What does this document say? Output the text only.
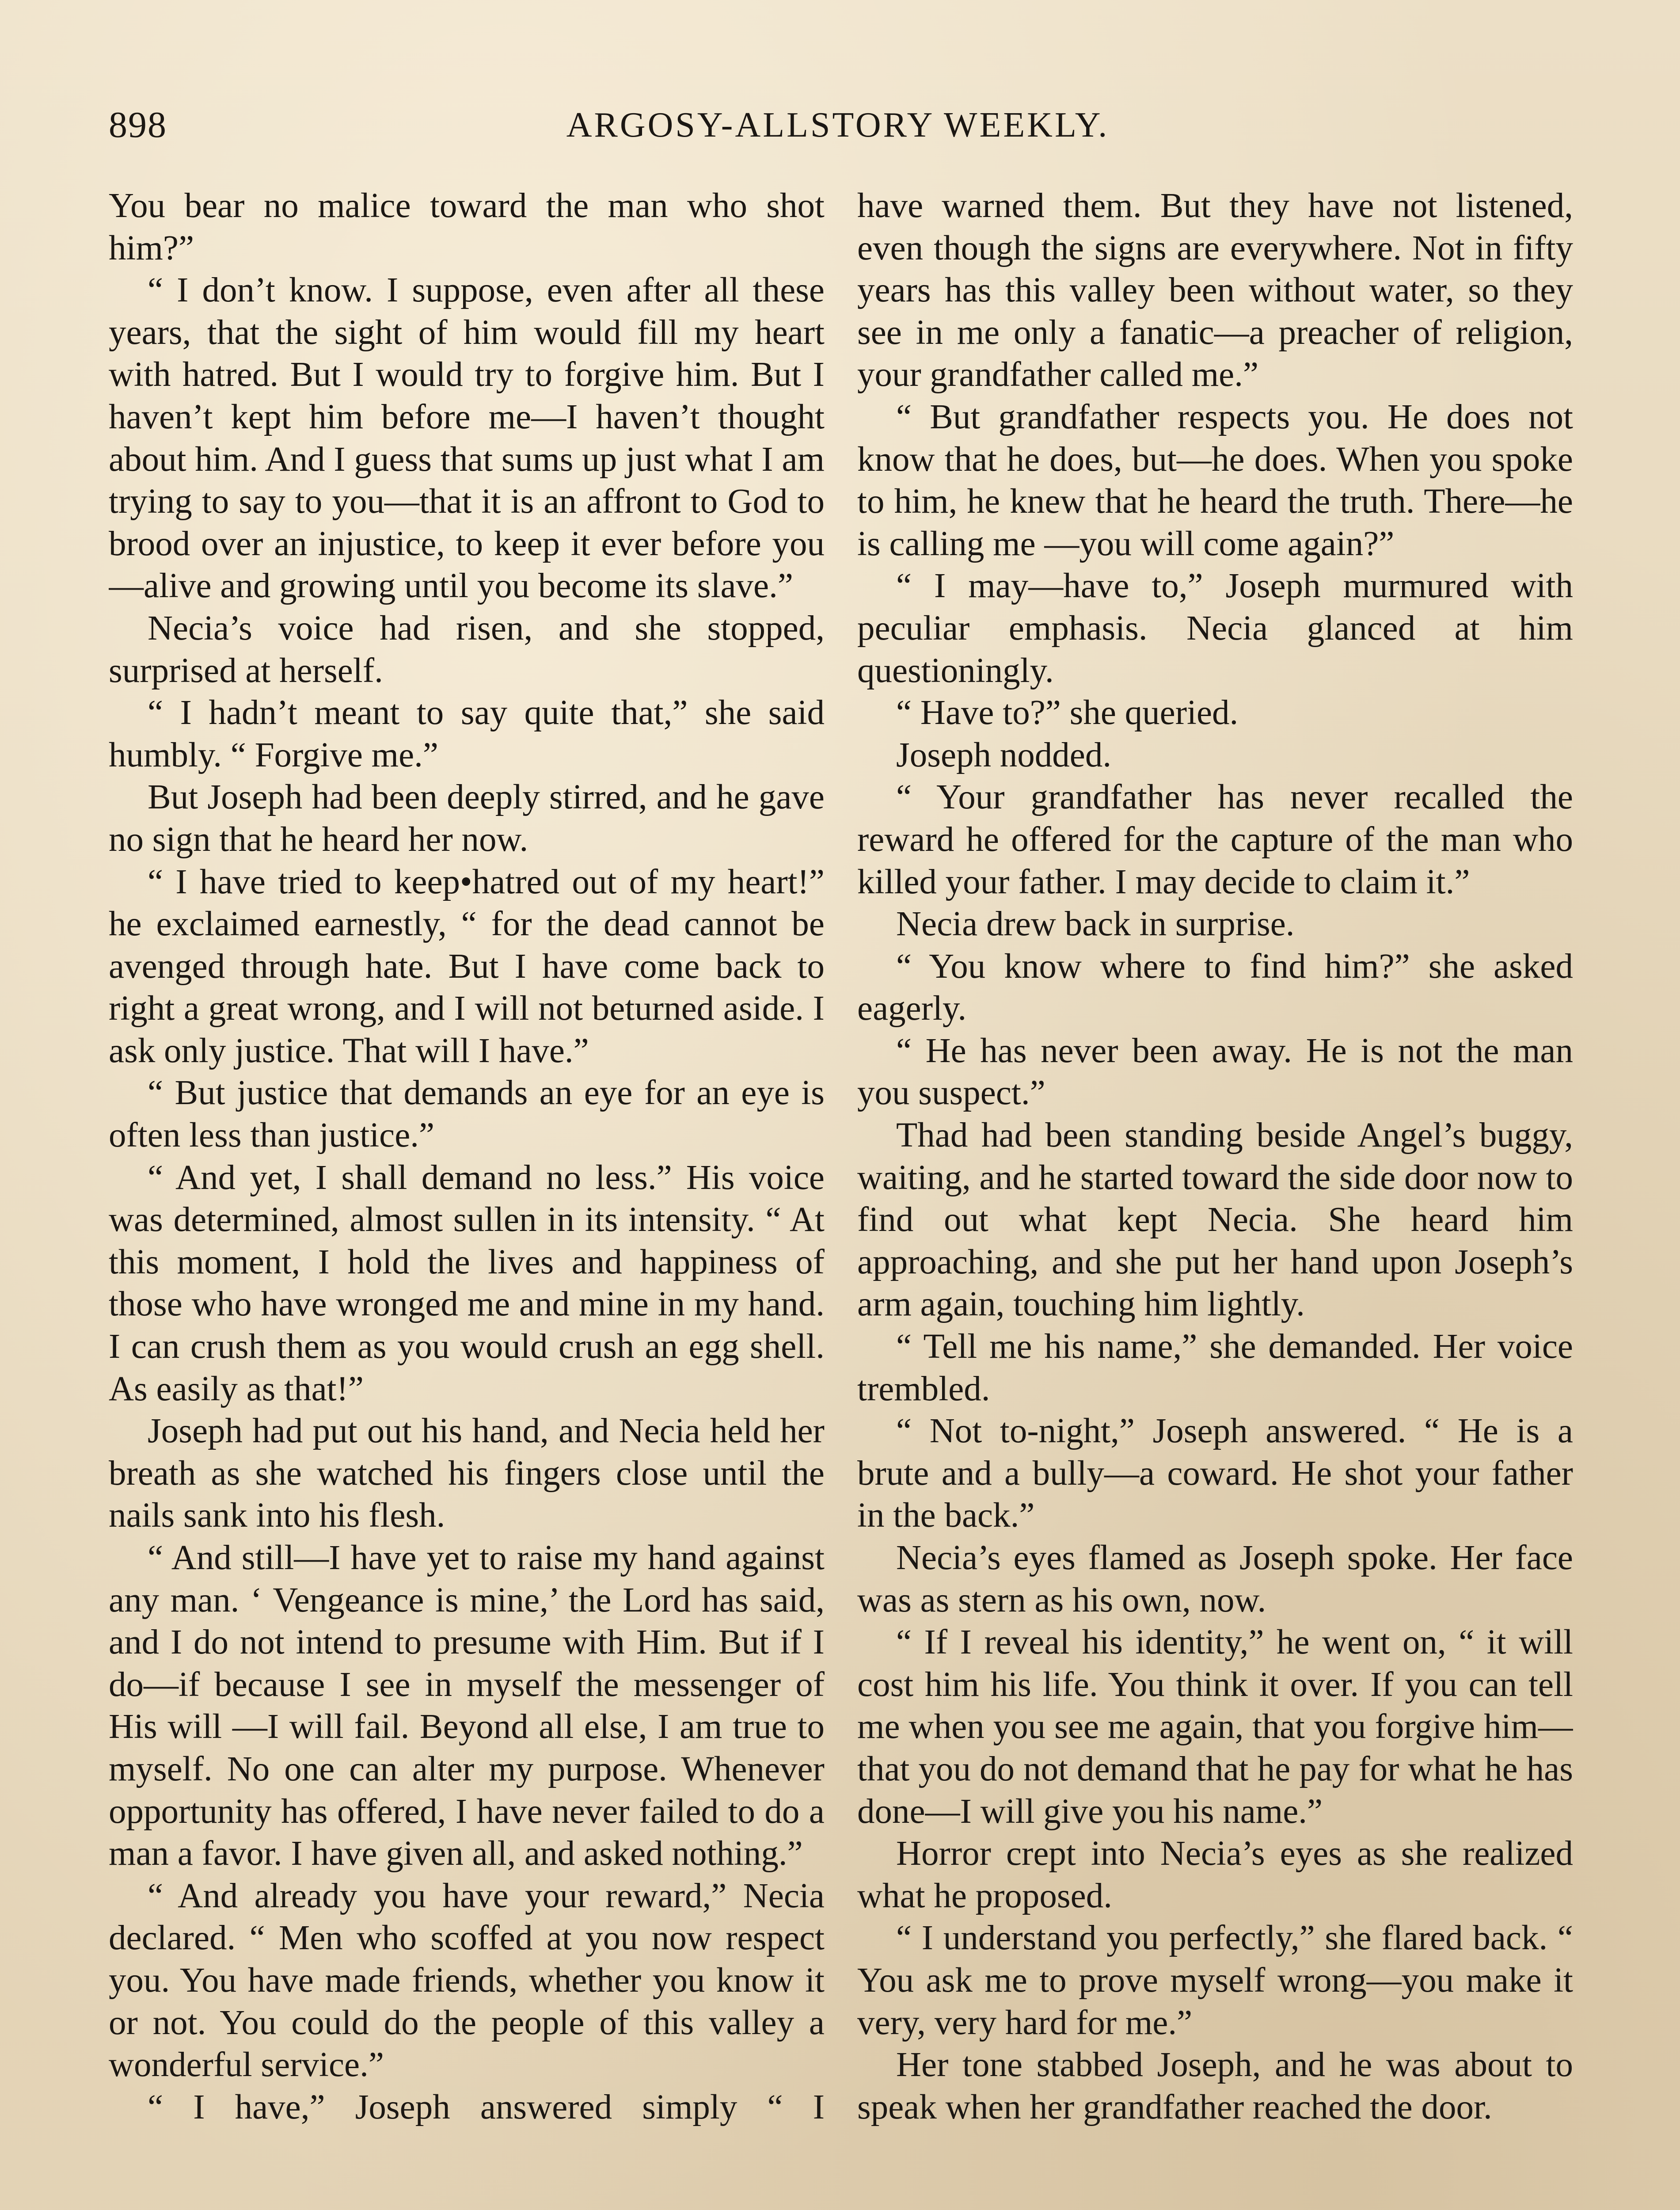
898	ARGOSY-ALLSTORY WEEKLY.

You bear no malice toward the man who shot him?”

“ I don’t know. I suppose, even after all these years, that the sight of him would fill my heart with hatred. But I would try to forgive him. But I haven’t kept him before me—I haven’t thought about him. And I guess that sums up just what I am trying to say to you—that it is an affront to God to brood over an injustice, to keep it ever before you—alive and growing until you become its slave.”

Necia’s voice had risen, and she stopped, surprised at herself.

“ I hadn’t meant to say quite that,” she said humbly. “ Forgive me.”

But Joseph had been deeply stirred, and he gave no sign that he heard her now.

“ I have tried to keep•hatred out of my heart!” he exclaimed earnestly, “ for the dead cannot be avenged through hate. But I have come back to right a great wrong, and I will not beturned aside. I ask only justice. That will I have.”

“ But justice that demands an eye for an eye is often less than justice.”

“ And yet, I shall demand no less.” His voice was determined, almost sullen in its intensity. “ At this moment, I hold the lives and happiness of those who have wronged me and mine in my hand. I can crush them as you would crush an egg shell. As easily as that!”

Joseph had put out his hand, and Necia held her breath as she watched his fingers close until the nails sank into his flesh.

“ And still—I have yet to raise my hand against any man. ‘ Vengeance is mine,’ the Lord has said, and I do not intend to presume with Him. But if I do—if because I see in myself the messenger of His will —I will fail. Beyond all else, I am true to myself. No one can alter my purpose. Whenever opportunity has offered, I have never failed to do a man a favor. I have given all, and asked nothing.”

“ And already you have your reward,” Necia declared. “ Men who scoffed at you now respect you. You have made friends, whether you know it or not. You could do the people of this valley a wonderful service.”

“ I have,” Joseph answered simply “ I

have warned them. But they have not listened, even though the signs are everywhere. Not in fifty years has this valley been without water, so they see in me only a fanatic—a preacher of religion, your grandfather called me.”

“ But grandfather respects you. He does not know that he does, but—he does. When you spoke to him, he knew that he heard the truth. There—he is calling me —you will come again?”

“ I may—have to,” Joseph murmured with peculiar emphasis. Necia glanced at him questioningly.

“ Have to?” she queried.

Joseph nodded.

“ Your grandfather has never recalled the reward he offered for the capture of the man who killed your father. I may decide to claim it.”

Necia drew back in surprise.

“ You know where to find him?” she asked eagerly.

“ He has never been away. He is not the man you suspect.”

Thad had been standing beside Angel’s buggy, waiting, and he started toward the side door now to find out what kept Necia. She heard him approaching, and she put her hand upon Joseph’s arm again, touching him lightly.

“ Tell me his name,” she demanded. Her voice trembled.

“ Not to-night,” Joseph answered. “ He is a brute and a bully—a coward. He shot your father in the back.”

Necia’s eyes flamed as Joseph spoke. Her face was as stern as his own, now.

“ If I reveal his identity,” he went on, “ it will cost him his life. You think it over. If you can tell me when you see me again, that you forgive him—that you do not demand that he pay for what he has done—I will give you his name.”

Horror crept into Necia’s eyes as she realized what he proposed.

“ I understand you perfectly,” she flared back. “ You ask me to prove myself wrong—you make it very, very hard for me.”

Her tone stabbed Joseph, and he was about to speak when her grandfather reached the door.
